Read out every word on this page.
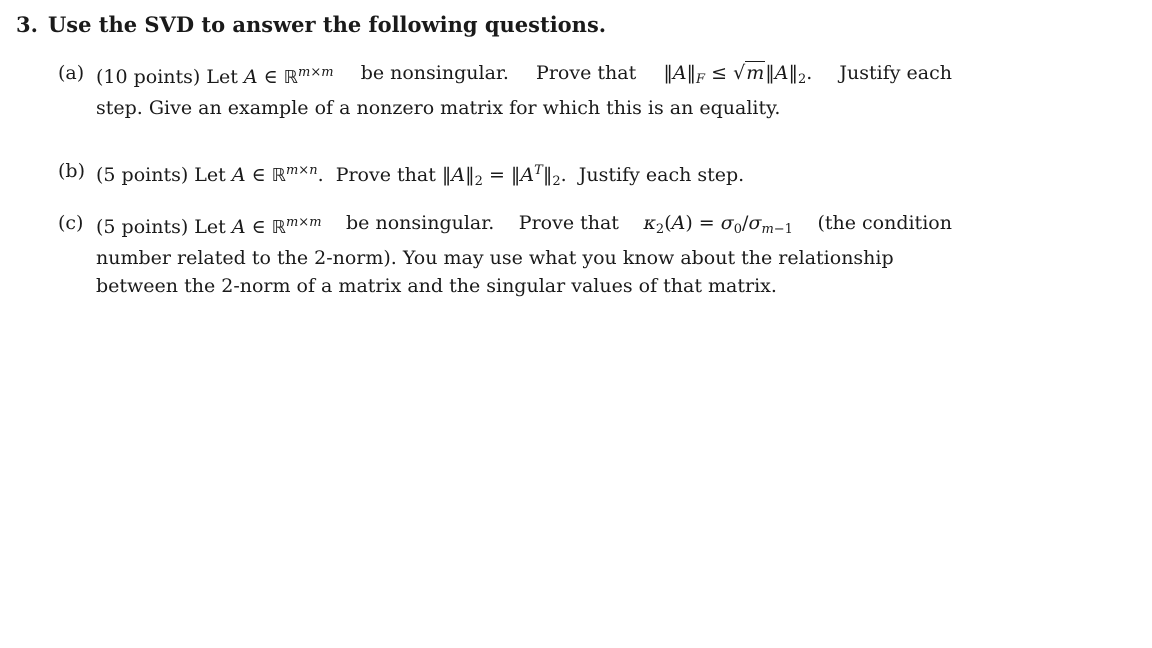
3. Use the SVD to answer the following questions.
(a) (10 points) Let A ∈ ℝ$^{m\times m}$ be nonsingular. Prove that $‖A‖_F$ ≤ $√m‖A‖_2$. Justify each
step. Give an example of a nonzero matrix for which this is an equality.
(b) (5 points) Let A ∈ ℝ$^{m\times n}$.  Prove that $‖A‖_2$ = $‖A^T‖_2$. Justify each step.
(c) (5 points) Let A ∈ ℝ$^{m\times m}$ be nonsingular. Prove that $\kappa_2(A) = \sigma_0/\sigma_{m-1}$ (the condition
number related to the 2-norm). You may use what you know about the relationship
between the 2-norm of a matrix and the singular values of that matrix.
